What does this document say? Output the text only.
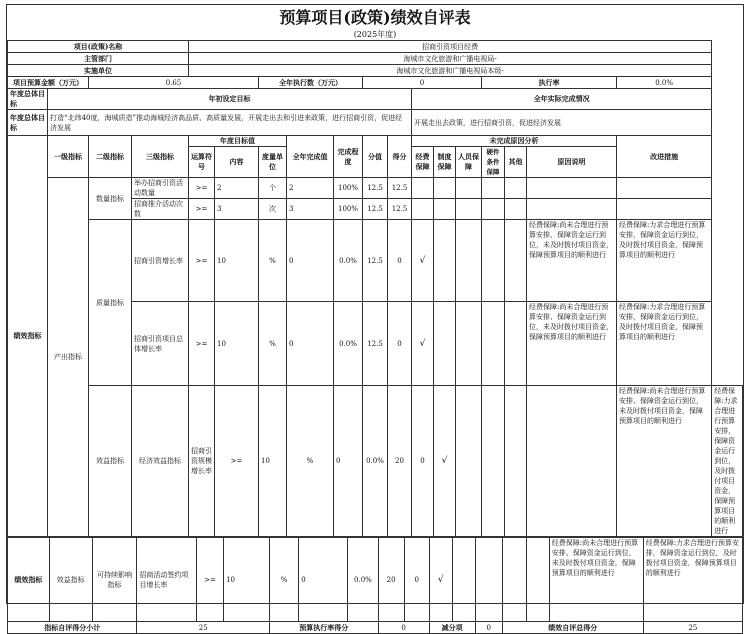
预算项目(政策)绩效自评表
(2025年度)
项目(政策)名称				招商引资项目经费														
主管部门				海城市文化旅游和广播电视局-														
实施单位				海城市文化旅游和广播电视局本级-														
项目预算金额（万元）		0.65				全年执行数（万元）			0					执行率			0.0%	
年度总体目标	年初设定目标										全年实际完成情况							
年度总体目标	打造“北纬40度，海城质造”推动海城经济高品质、高质量发展，开展走出去和引进来政策，进行招商引资，促进经济发展										开展走出去政策，进行招商引资，促进经济发展							
绩效指标	一级指标	二级指标	三级指标	年度目标值			全年完成值	完成程度	分值	得分	未完成原因分析						改进措施	
				运算符号	内容	度量单位					经费保障	制度保障	人员保障	硬件条件保障	其他	原因说明		

	产出指标	数量指标	举办招商引资活动数量	>=	2	个	2	100%	12.5	12.5								
			招商推介活动次数	>=	3	次	3	100%	12.5	12.5								
		质量指标	招商引资增长率	>=	10	%	0	0.0%	12.5	0	√					经费保障:尚未合理进行预算安排、保障资金运行到位，未及时拨付项目资金，保障预算项目的顺利进行	经费保障:力求合理进行预算安排，保障资金运行到位，及时拨付项目资金，保障预算项目的顺利进行	
			招商引资项目总体增长率	>=	10	%	0	0.0%	12.5	0	√					经费保障:尚未合理进行预算安排、保障资金运行到位，未及时拨付项目资金，保障预算项目的顺利进行	经费保障:力求合理进行预算安排，保障资金运行到位，及时拨付项目资金，保障预算项目的顺利进行	
		效益指标	经济效益指标	招商引资规模增长率	>=	10	%	0	0.0%	20	0	√					经费保障:尚未合理进行预算安排、保障资金运行到位，未及时拨付项目资金，保障预算项目的顺利进行	经费保障:力求合理进行预算安排，保障资金运行到位，及时拨付项目资金，保障预算项目的顺利进行
绩效指标	效益指标	可持续影响指标	招商活动签约项目增长率	>=	10	%	0	0.0%	20	0	√					经费保障:尚未合理进行预算安排、保障资金运行到位，未及时拨付项目资金，保障预算项目的顺利进行	经费保障:力求合理进行预算安排，保障资金运行到位，及时拨付项目资金，保障预算项目的顺利进行
指标自评得分小计			25			预算执行率得分			0		减分项		0	绩效自评总得分			25
